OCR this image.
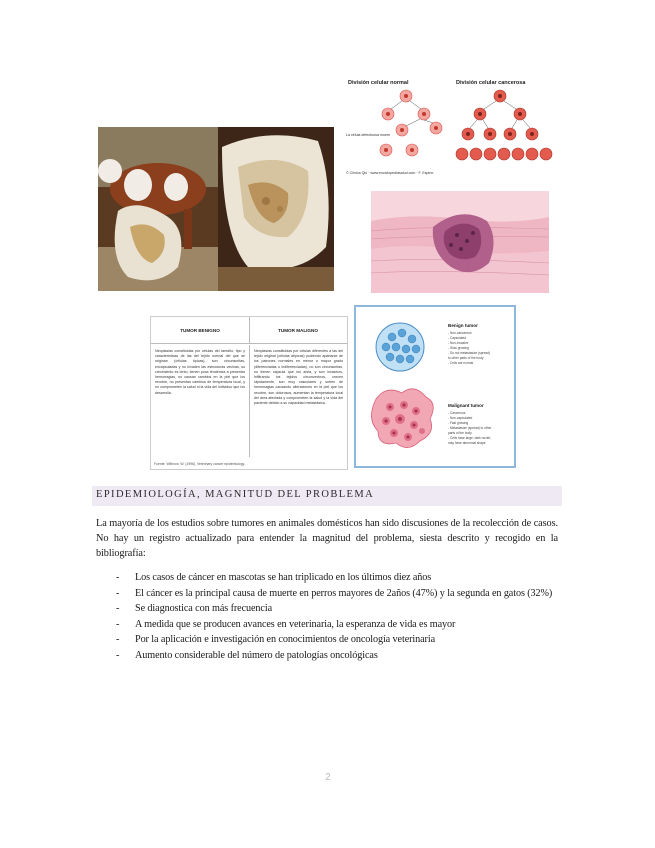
División celular normal	División celular cancerosa
La célula defectuosa muere
© Clínica Qiú · www.enciclopediasalud.com · F. Espino
TUMOR BENIGNO	TUMOR MALIGNO
Neoplasias constituidas por células del tamaño, tipo y características de las del tejido normal del que se originan (células típicas), son circunscritas, encapsuladas y no invaden las estructuras vecinas, su crecimiento es lento, tienen poca tendencia a presentar hemorragias, no causan cambios en la piel que los recubre, no presentan cambios de temperatura local, y no comprometen la salud ni la vida del individuo que los desarrolla.
Neoplasias constituidas por células diferentes a las del tejido original (células atípicas) pudiendo apartarse de los patrones normales en menor o mayor grado (diferenciadas o indiferenciadas), no son circunscritas, no tienen capsula que los aísla, y son invasivos, infiltrando los tejidos circunvecinos, crecen rápidamente, son muy vasculares y sufren de hemorragias causando alteraciones en la piel que los recubre, son dolorosos, aumentan la temperatura local del área afectada y comprometen la salud y la vida del paciente debido a su capacidad metastásica.
Fuente: Withrow, W. (1996). Veterinary cancer epidemiology.
Benign tumor
- Non-cancerous
- Capsulated
- Non-invasive
- Slow growing
- Do not metastasize (spread)
to other parts of the body
- Cells are normal
Malignant tumor
- Cancerous
- Non-capsulated
- Fast growing
- Metastasize (spread) to other
parts of the body
- Cells have large, dark nuclei;
may have abnormal shape
EPIDEMIOLOGÍA, MAGNITUD DEL PROBLEMA

La mayoría de los estudios sobre tumores en animales domésticos han sido discusiones de la recolección de casos. No hay un registro actualizado para entender la magnitud del problema, siesta descrito y recogido en la bibliografía:

- Los casos de cáncer en mascotas se han triplicado en los últimos diez años
- El cáncer es la principal causa de muerte en perros mayores de 2años (47%) y la segunda en gatos (32%)
- Se diagnostica con más frecuencia
- A medida que se producen avances en veterinaria, la esperanza de vida es mayor
- Por la aplicación e investigación en conocimientos de oncología veterinaria
- Aumento considerable del número de patologías oncológicas
2
